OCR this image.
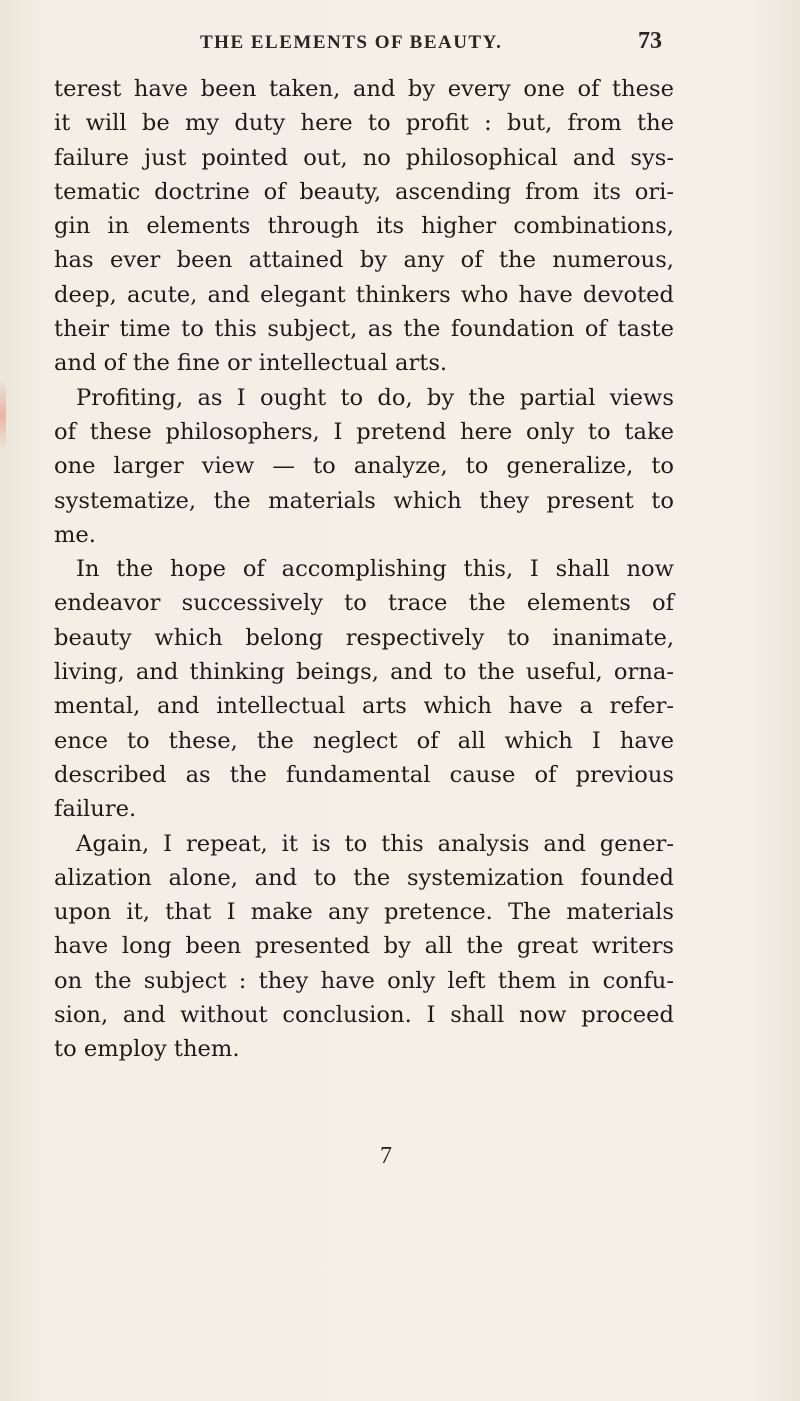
THE ELEMENTS OF BEAUTY.	73
terest have been taken, and by every one of these
it will be my duty here to profit : but, from the
failure just pointed out, no philosophical and sys-
tematic doctrine of beauty, ascending from its ori-
gin in elements through its higher combinations,
has ever been attained by any of the numerous,
deep, acute, and elegant thinkers who have devoted
their time to this subject, as the foundation of taste
and of the fine or intellectual arts.
Profiting, as I ought to do, by the partial views
of these philosophers, I pretend here only to take
one larger view — to analyze, to generalize, to
systematize, the materials which they present to
me.
In the hope of accomplishing this, I shall now
endeavor successively to trace the elements of
beauty which belong respectively to inanimate,
living, and thinking beings, and to the useful, orna-
mental, and intellectual arts which have a refer-
ence to these, the neglect of all which I have
described as the fundamental cause of previous
failure.
Again, I repeat, it is to this analysis and gener-
alization alone, and to the systemization founded
upon it, that I make any pretence. The materials
have long been presented by all the great writers
on the subject : they have only left them in confu-
sion, and without conclusion. I shall now proceed
to employ them.
7
